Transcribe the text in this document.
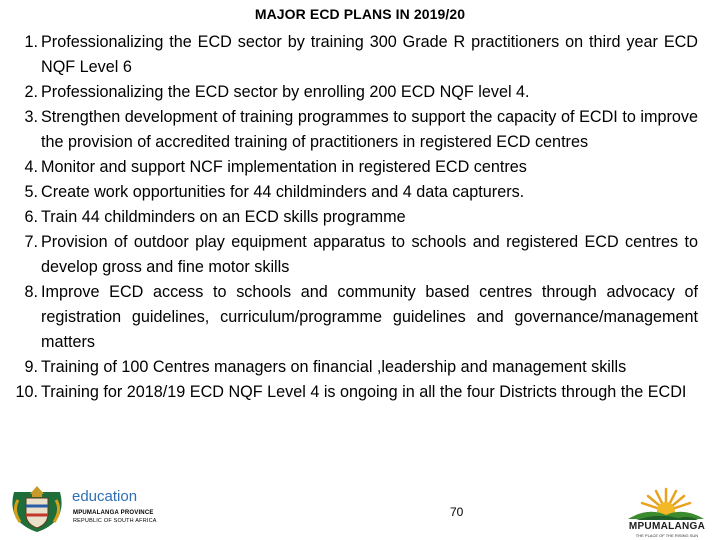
MAJOR ECD PLANS IN 2019/20
1. Professionalizing the ECD sector by training 300 Grade R practitioners on third year ECD NQF Level 6
2. Professionalizing the ECD sector by enrolling 200 ECD NQF level 4.
3. Strengthen development of training programmes to support the capacity of ECDI to improve the provision of accredited training of practitioners in registered ECD centres
4. Monitor and support NCF implementation in registered ECD centres
5. Create work opportunities for 44 childminders and 4 data capturers.
6. Train 44 childminders on an ECD skills programme
7. Provision of outdoor play equipment apparatus to schools and registered ECD centres to develop gross and fine motor skills
8. Improve ECD access to schools and community based centres through advocacy of registration guidelines, curriculum/programme guidelines and governance/management matters
9. Training of 100 Centres managers on financial ,leadership and management skills
10. Training for 2018/19 ECD NQF Level 4 is ongoing in all the four Districts through the ECDI
education
MPUMALANGA PROVINCE
REPUBLIC OF SOUTH AFRICA
70
MPUMALANGA
THE PLACE OF THE RISING SUN
